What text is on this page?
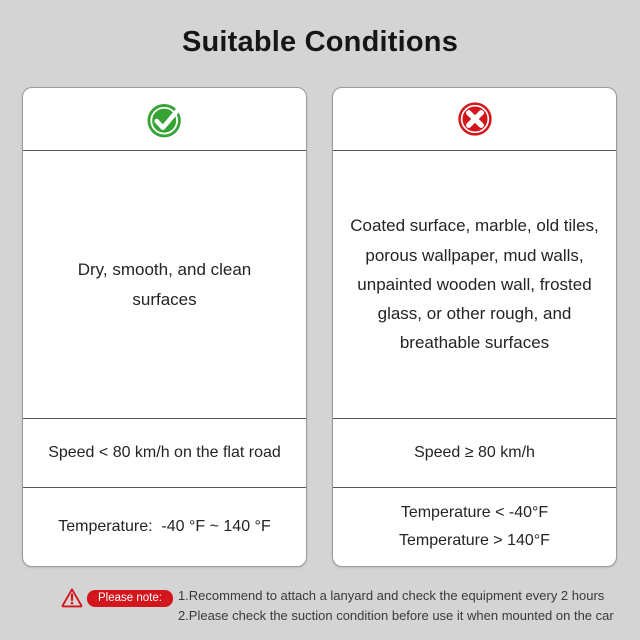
Suitable Conditions

Dry, smooth, and clean surfaces

Speed < 80 km/h on the flat road
Temperature:  -40 °F ~ 140 °F

Coated surface, marble, old tiles, porous wallpaper, mud walls, unpainted wooden wall, frosted glass, or other rough, and breathable surfaces

Speed ≥ 80 km/h
Temperature < -40°F
Temperature > 140°F
Please note:	1.Recommend to attach a lanyard and check the equipment every 2 hours
2.Please check the suction condition before use it when mounted on the car
